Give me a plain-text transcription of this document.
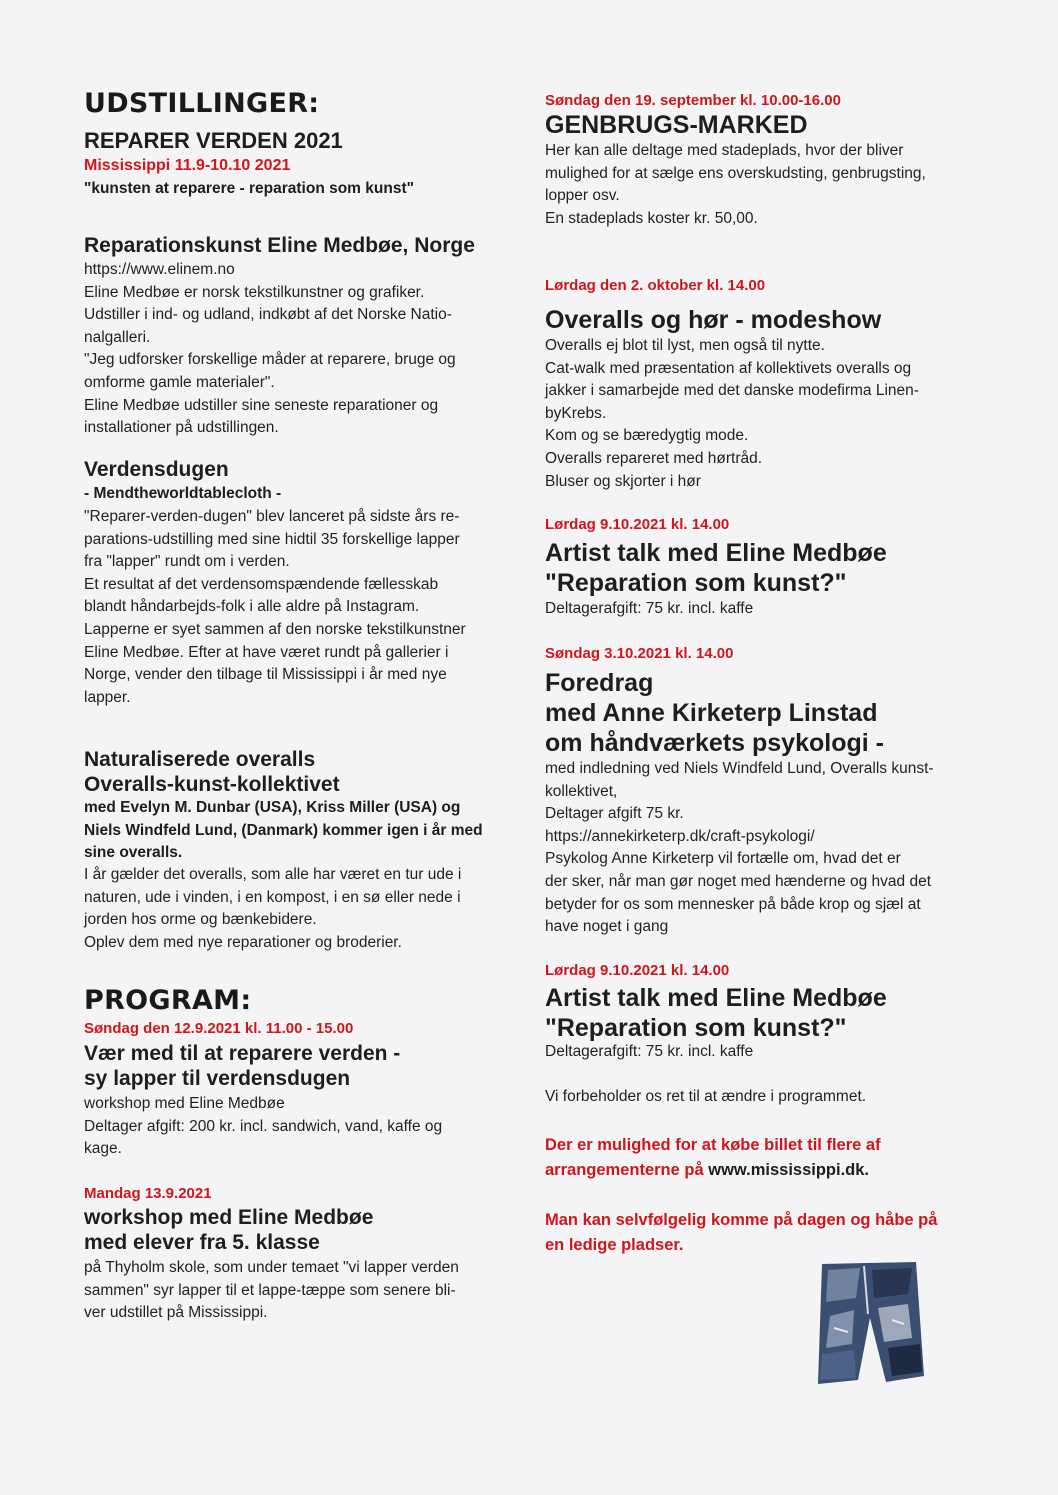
UDSTILLINGER:
REPARER VERDEN 2021
Mississippi 11.9-10.10 2021
"kunsten at reparere - reparation som kunst"
Reparationskunst Eline Medbøe, Norge
https://www.elinem.no
Eline Medbøe er norsk tekstilkunstner og grafiker.
Udstiller i ind- og udland, indkøbt af det Norske Natio-
nalgalleri.
"Jeg udforsker forskellige måder at reparere, bruge og
omforme gamle materialer".
Eline Medbøe udstiller sine seneste reparationer og
installationer på udstillingen.
Verdensdugen
- Mendtheworldtablecloth -
"Reparer-verden-dugen" blev lanceret på sidste års re-
parations-udstilling med sine hidtil 35 forskellige lapper
fra "lapper" rundt om i verden.
Et resultat af det verdensomspændende fællesskab
blandt håndarbejds-folk i alle aldre på Instagram.
Lapperne er syet sammen af den norske tekstilkunstner
Eline Medbøe. Efter at have været rundt på gallerier i
Norge, vender den tilbage til Mississippi i år med nye
lapper.
Naturaliserede overalls
Overalls-kunst-kollektivet
med Evelyn M. Dunbar (USA), Kriss Miller (USA) og
Niels Windfeld Lund, (Danmark) kommer igen i år med
sine overalls.
I år gælder det overalls, som alle har været en tur ude i
naturen, ude i vinden, i en kompost, i en sø eller nede i
jorden hos orme og bænkebidere.
Oplev dem med nye reparationer og broderier.
PROGRAM:
Søndag den 12.9.2021 kl. 11.00 - 15.00
Vær med til at reparere verden -
sy lapper til verdensdugen
workshop med Eline Medbøe
Deltager afgift: 200 kr. incl. sandwich, vand, kaffe og
kage.
Mandag 13.9.2021
workshop med Eline Medbøe
med elever fra 5. klasse
på Thyholm skole, som under temaet "vi lapper verden
sammen" syr lapper til et lappe-tæppe som senere bli-
ver udstillet på Mississippi.
Søndag den 19. september kl. 10.00-16.00
GENBRUGS-MARKED
Her kan alle deltage med stadeplads, hvor der bliver
mulighed for at sælge ens overskudsting, genbrugsting,
lopper osv.
En stadeplads koster kr. 50,00.
Lørdag den 2. oktober kl. 14.00
Overalls og hør - modeshow
Overalls ej blot til lyst, men også til nytte.
Cat-walk med præsentation af kollektivets overalls og
jakker i samarbejde med det danske modefirma Linen-
byKrebs.
Kom og se bæredygtig mode.
Overalls repareret med hørtråd.
Bluser og skjorter i hør
Lørdag 9.10.2021 kl. 14.00
Artist talk med Eline Medbøe
"Reparation som kunst?"
Deltagerafgift: 75 kr. incl. kaffe
Søndag 3.10.2021 kl. 14.00
Foredrag
med Anne Kirketerp Linstad
om håndværkets psykologi -
med indledning ved Niels Windfeld Lund, Overalls kunst-
kollektivet,
Deltager afgift 75 kr.
https://annekirketerp.dk/craft-psykologi/
Psykolog Anne Kirketerp vil fortælle om, hvad det er
der sker, når man gør noget med hænderne og hvad det
betyder for os som mennesker på både krop og sjæl at
have noget i gang
Lørdag 9.10.2021 kl. 14.00
Artist talk med Eline Medbøe
"Reparation som kunst?"
Deltagerafgift: 75 kr. incl. kaffe
Vi forbeholder os ret til at ændre i programmet.
Der er mulighed for at købe billet til flere af
arrangementerne på www.mississippi.dk.
Man kan selvfølgelig komme på dagen og håbe på
en ledige pladser.
